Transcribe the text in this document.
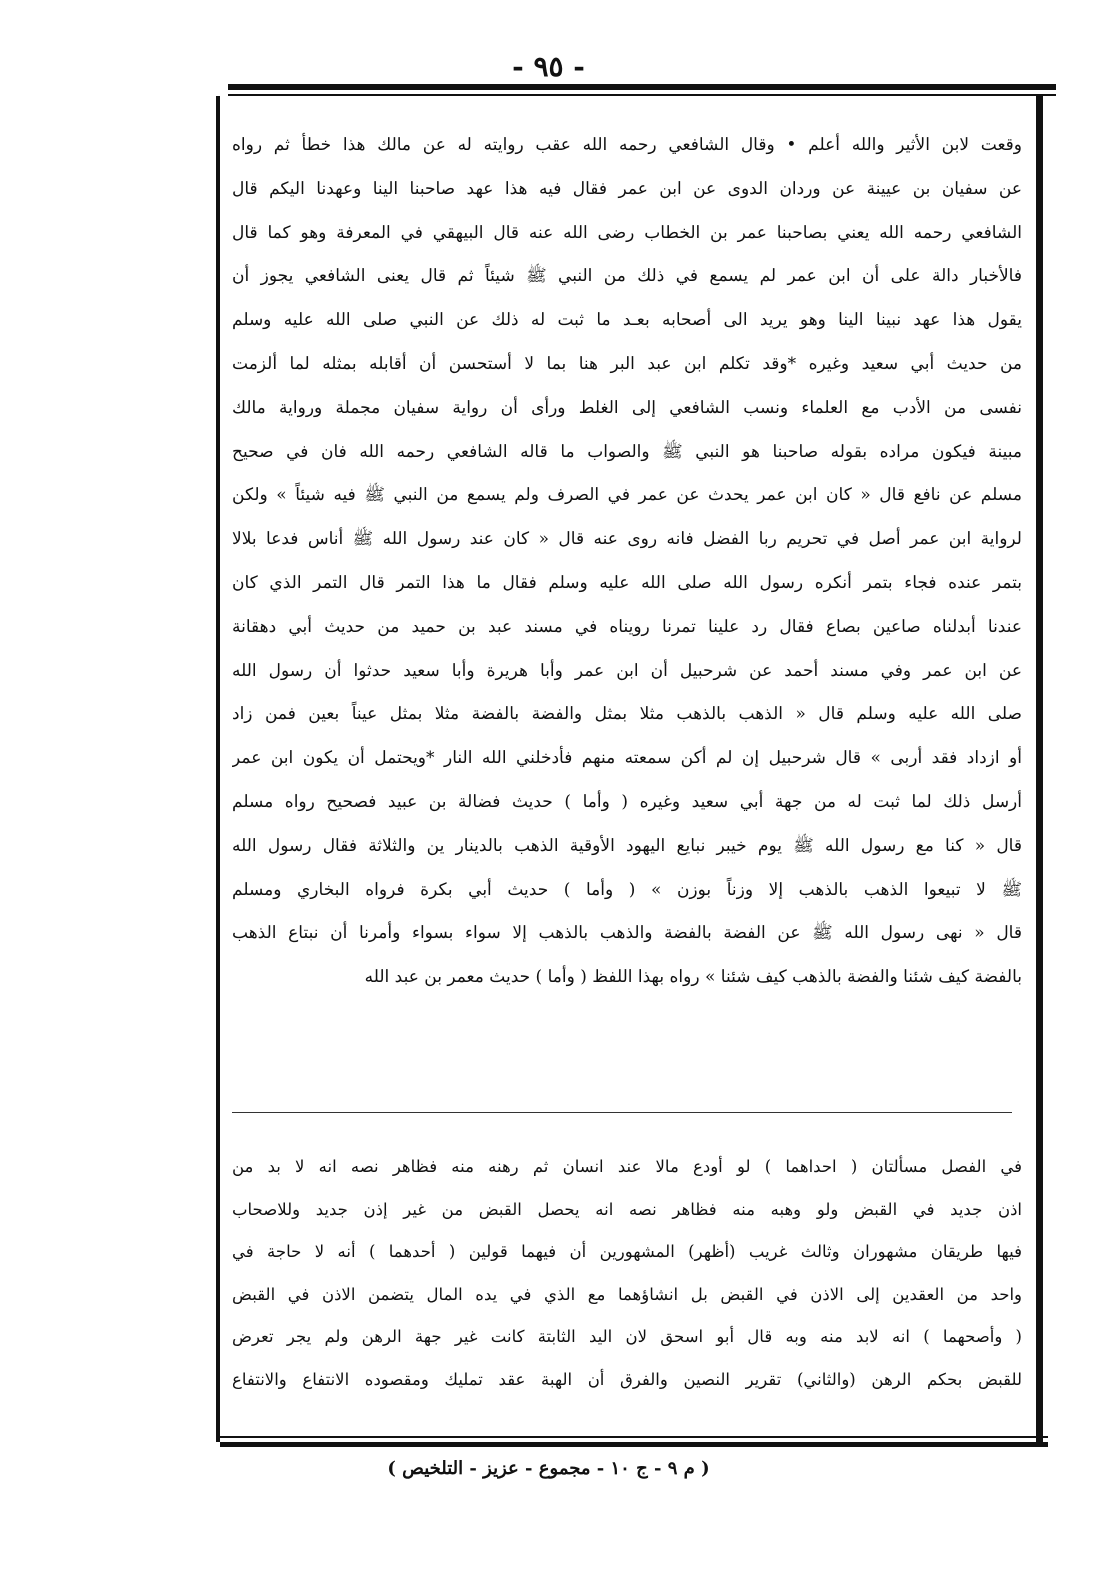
- ٩٥ -
وقعت لابن الأثير والله أعلم • وقال الشافعي رحمه الله عقب روايته له عن مالك هذا خطأ ثم رواه
عن سفيان بن عيينة عن وردان الدوى عن ابن عمر فقال فيه هذا عهد صاحبنا الينا وعهدنا اليكم قال
الشافعي رحمه الله يعني بصاحبنا عمر بن الخطاب رضى الله عنه قال البيهقي في المعرفة وهو كما قال
فالأخبار دالة على أن ابن عمر لم يسمع في ذلك من النبي ﷺ شيئاً ثم قال يعنى الشافعي يجوز أن
يقول هذا عهد نبينا الينا وهو يريد الى أصحابه بعـد ما ثبت له ذلك عن النبي صلى الله عليه وسلم
من حديث أبي سعيد وغيره *وقد تكلم ابن عبد البر هنا بما لا أستحسن أن أقابله بمثله لما ألزمت
نفسى من الأدب مع العلماء ونسب الشافعي إلى الغلط ورأى أن رواية سفيان مجملة ورواية مالك
مبينة فيكون مراده بقوله صاحبنا هو النبي ﷺ والصواب ما قاله الشافعي رحمه الله فان في صحيح
مسلم عن نافع قال « كان ابن عمر يحدث عن عمر في الصرف ولم يسمع من النبي ﷺ فيه شيئاً » ولكن
لرواية ابن عمر أصل في تحريم ربا الفضل فانه روى عنه قال « كان عند رسول الله ﷺ أناس فدعا بلالا
بتمر عنده فجاء بتمر أنكره رسول الله صلى الله عليه وسلم فقال ما هذا التمر قال التمر الذي كان
عندنا أبدلناه صاعين بصاع فقال رد علينا تمرنا رويناه في مسند عبد بن حميد من حديث أبي دهقانة
عن ابن عمر وفي مسند أحمد عن شرحبيل أن ابن عمر وأبا هريرة وأبا سعيد حدثوا أن رسول الله
صلى الله عليه وسلم قال « الذهب بالذهب مثلا بمثل والفضة بالفضة مثلا بمثل عيناً بعين فمن زاد
أو ازداد فقد أربى » قال شرحبيل إن لم أكن سمعته منهم فأدخلني الله النار *ويحتمل أن يكون ابن عمر
أرسل ذلك لما ثبت له من جهة أبي سعيد وغيره ( وأما ) حديث فضالة بن عبيد فصحيح رواه مسلم
قال « كنا مع رسول الله ﷺ يوم خيبر نبايع اليهود الأوقية الذهب بالدينار ين والثلاثة فقال رسول الله
ﷺ لا تبيعوا الذهب بالذهب إلا وزناً بوزن » ( وأما ) حديث أبي بكرة فرواه البخاري ومسلم
قال « نهى رسول الله ﷺ عن الفضة بالفضة والذهب بالذهب إلا سواء بسواء وأمرنا أن نبتاع الذهب
بالفضة كيف شئنا والفضة بالذهب كيف شئنا » رواه بهذا اللفظ ( وأما ) حديث معمر بن عبد الله
في الفصل مسألتان ( احداهما ) لو أودع مالا عند انسان ثم رهنه منه فظاهر نصه انه لا بد من
اذن جديد في القبض ولو وهبه منه فظاهر نصه انه يحصل القبض من غير إذن جديد وللاصحاب
فيها طريقان مشهوران وثالث غريب (أظهر) المشهورين أن فيهما قولين ( أحدهما ) أنه لا حاجة في
واحد من العقدين إلى الاذن في القبض بل انشاؤهما مع الذي في يده المال يتضمن الاذن في القبض
( وأصحهما ) انه لابد منه وبه قال أبو اسحق لان اليد الثابتة كانت غير جهة الرهن ولم يجر تعرض
للقبض بحكم الرهن (والثاني) تقرير النصين والفرق أن الهبة عقد تمليك ومقصوده الانتفاع والانتفاع
( م ٩ - ج ١٠ - مجموع - عزيز - التلخيص )
